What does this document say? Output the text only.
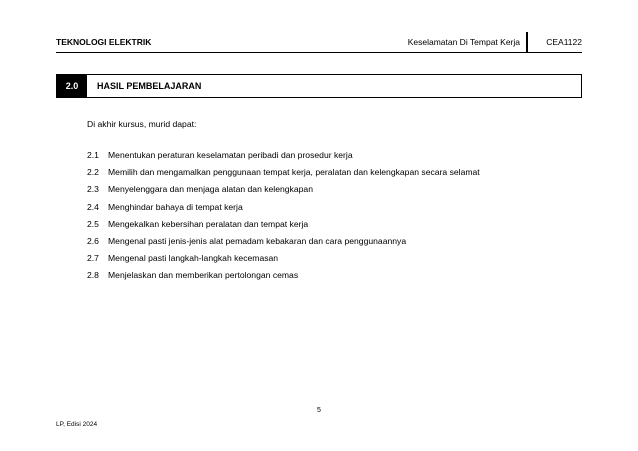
TEKNOLOGI ELEKTRIK	Keselamatan Di Tempat Kerja	CEA1122
2.0	HASIL PEMBELAJARAN
Di akhir kursus, murid dapat:
2.1 Menentukan peraturan keselamatan peribadi dan prosedur kerja
2.2 Memilih dan mengamalkan penggunaan tempat kerja, peralatan dan kelengkapan secara selamat
2.3 Menyelenggara dan menjaga alatan dan kelengkapan
2.4 Menghindar bahaya di tempat kerja
2.5 Mengekalkan kebersihan peralatan dan tempat kerja
2.6 Mengenal pasti jenis-jenis alat pemadam kebakaran dan cara penggunaannya
2.7 Mengenal pasti langkah-langkah kecemasan
2.8 Menjelaskan dan memberikan pertolongan cemas
5
LP, Edisi 2024
